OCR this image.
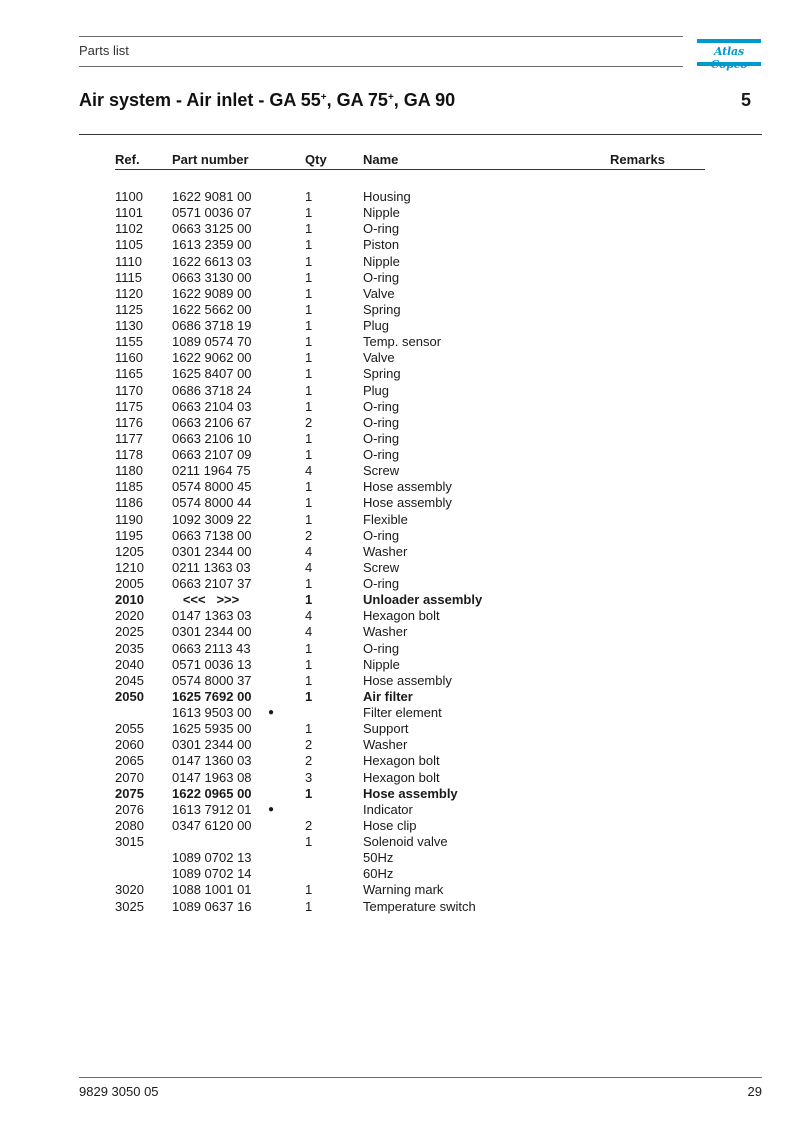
Parts list	Atlas
Air system - Air inlet - GA 55+, GA 75+, GA 90	5
Ref. Part number	Qty	Name	Remarks
1100 1622 9081 00	1	Housing
1101 0571 0036 07	1	Nipple
1102 0663 3125 00	1	O-ring
1105 1613 2359 00	1	Piston
1110 1622 6613 03	1	Nipple
1115 0663 3130 00	1	O-ring
1120 1622 9089 00	1	Valve
1125 1622 5662 00	1	Spring
1130 0686 3718 19	1	Plug
1155 1089 0574 70	1	Temp. sensor
1160 1622 9062 00	1	Valve
1165 1625 8407 00	1	Spring
1170 0686 3718 24	1	Plug
1175 0663 2104 03	1	O-ring
1176 0663 2106 67	2	O-ring
1177 0663 2106 10	1	O-ring
1178 0663 2107 09	1	O-ring
1180 0211 1964 75	4	Screw
1185 0574 8000 45	1	Hose assembly
1186 0574 8000 44	1	Hose assembly
1190 1092 3009 22	1	Flexible
1195 0663 7138 00	2	O-ring
1205 0301 2344 00	4	Washer
1210 0211 1363 03	4	Screw
2005 0663 2107 37	1	O-ring
2010 <<<   >>>	1	Unloader assembly
2020 0147 1363 03	4	Hexagon bolt
2025 0301 2344 00	4	Washer
2035 0663 2113 43	1	O-ring
2040 0571 0036 13	1	Nipple
2045 0574 8000 37	1	Hose assembly
2050 1625 7692 00	1	Air filter
1613 9503 00 ●	Filter element
2055 1625 5935 00	1	Support
2060 0301 2344 00	2	Washer
2065 0147 1360 03	2	Hexagon bolt
2070 0147 1963 08	3	Hexagon bolt
2075 1622 0965 00	1	Hose assembly
2076 1613 7912 01 ●	Indicator
2080 0347 6120 00	2	Hose clip
3015	1	Solenoid valve
1089 0702 13	50Hz
1089 0702 14	60Hz
3020 1088 1001 01	1	Warning mark
3025 1089 0637 16	1	Temperature switch
9829 3050 05	29
